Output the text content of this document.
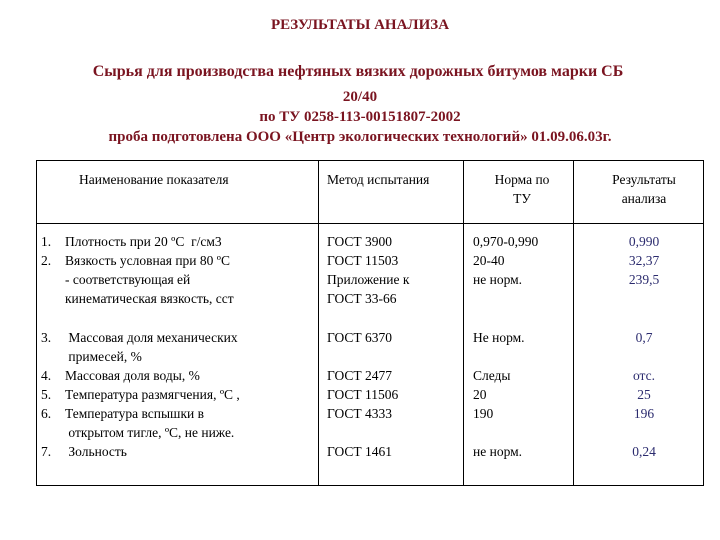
РЕЗУЛЬТАТЫ АНАЛИЗА
Сырья для производства нефтяных вязких дорожных битумов марки СБ
20/40
по ТУ 0258-113-00151807-2002
проба подготовлена ООО «Центр экологических технологий» 01.09.06.03г.
Наименование показателя	Метод испытания	Норма по
ТУ
Результаты
анализа
1. Плотность при 20 ºС  г/см3
2. Вязкость условная при 80 ºС
- соответствующая ей
кинематическая вязкость, сст
ГОСТ 3900
ГОСТ 11503
Приложение к
ГОСТ 33-66
0,970-0,990
20-40
не норм.
0,990
32,37
239,5
3. Массовая доля механических
примесей, %
4. Массовая доля воды, %
5. Температура размягчения, ºС ,
6. Температура вспышки в
открытом тигле, ºС, не ниже.
7. Зольность
ГОСТ 6370
ГОСТ 2477
ГОСТ 11506
ГОСТ 4333
ГОСТ 1461
Не норм.
Следы
20
190
не норм.
0,7
отс.
25
196
0,24
